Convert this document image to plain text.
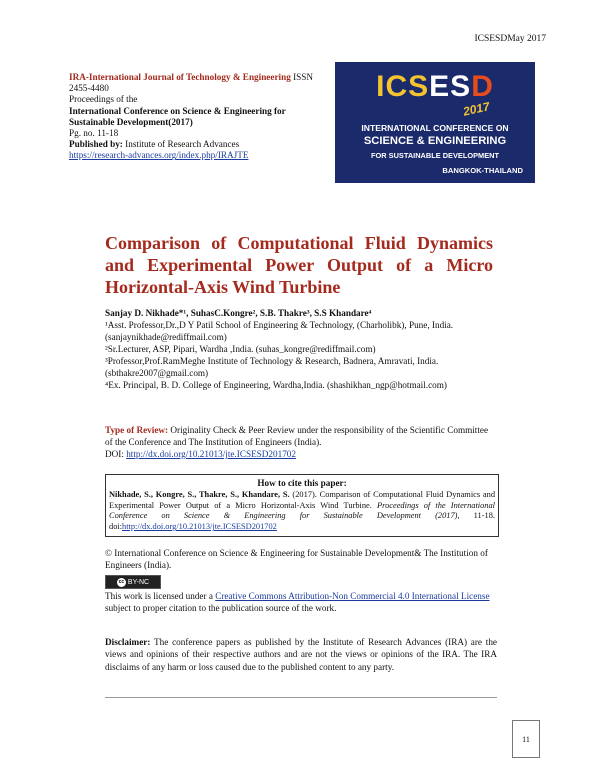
ICSESDMay 2017
IRA-International Journal of Technology & Engineering ISSN 2455-4480
Proceedings of the
International Conference on Science & Engineering for Sustainable Development(2017)
Pg. no. 11-18
Published by: Institute of Research Advances
https://research-advances.org/index.php/IRAJTE
ICSESD
2017
INTERNATIONAL CONFERENCE ON
SCIENCE & ENGINEERING
FOR SUSTAINABLE DEVELOPMENT
BANGKOK-THAILAND
Comparison of Computational Fluid Dynamics and Experimental Power Output of a Micro Horizontal-Axis Wind Turbine
Sanjay D. Nikhade*¹, SuhasC.Kongre², S.B. Thakre³, S.S Khandare⁴
¹Asst. Professor,Dr.,D Y Patil School of Engineering & Technology, (Charholibk), Pune, India. (sanjaynikhade@rediffmail.com)
²Sr.Lecturer, ASP, Pipari, Wardha ,India. (suhas_kongre@rediffmail.com)
³Professor,Prof.RamMeghe Institute of Technology & Research, Badnera, Amravati, India.(sbthakre2007@gmail.com)
⁴Ex. Principal, B. D. College of Engineering, Wardha,India. (shashikhan_ngp@hotmail.com)
Type of Review: Originality Check & Peer Review under the responsibility of the Scientific Committee of the Conference and The Institution of Engineers (India).
DOI: http://dx.doi.org/10.21013/jte.ICSESD201702
How to cite this paper:
Nikhade, S., Kongre, S., Thakre, S., Khandare, S. (2017). Comparison of Computational Fluid Dynamics and Experimental Power Output of a Micro Horizontal-Axis Wind Turbine. Proceedings of the International Conference on Science & Engineering for Sustainable Development (2017), 11-18. doi:http://dx.doi.org/10.21013/jte.ICSESD201702
© International Conference on Science & Engineering for Sustainable Development& The Institution of Engineers (India).
cc BY-NC
This work is licensed under a Creative Commons Attribution-Non Commercial 4.0 International License subject to proper citation to the publication source of the work.
Disclaimer: The conference papers as published by the Institute of Research Advances (IRA) are the views and opinions of their respective authors and are not the views or opinions of the IRA. The IRA disclaims of any harm or loss caused due to the published content to any party.
11
